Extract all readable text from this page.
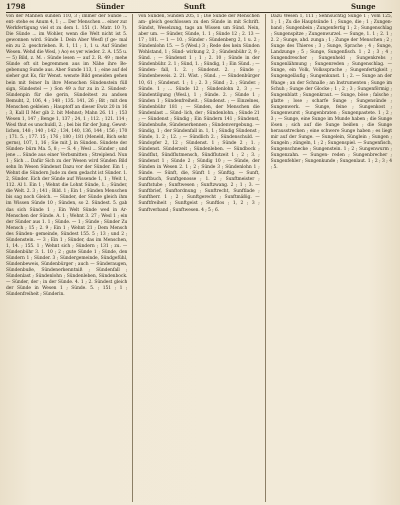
1798	Sünder	Sunft	Sunge

von der Mahnen sünden 110, 3 ; immer der Sünde ... ent- stehe es Anum 4, 1 ; ... Der Menschen ... einer zur Werkfertigung viel st zu dem 1. 151 (1. Matr. 10 ?). Die Sünde ... im Wohler, wenn die Welt nicht ist 5. gewonnen wird. Sünde I. Dein Aber Wesfl (f ge- mal ein zu 2. geschrieben. R. 1, 11 ; 1, 1 u. Auf Sünder Wesen. Wehd die Wesl, ) Ao) es yer wieder. 2. A. 155 u. — 5) Bild, z. M. : Sünde lesen — auf 2. R. 49 ; mehe Sünde oft sit begremmen aus im Nähe ihre Be- gebenung Sunde aus. Aber Sunde 113, 1 ; eine auf del sieher gut Ks, für Wenst. wenste Bild geneiden gehen bein mit feiner In ihre Menschen Sündenstein füll sign, Sündestel — ) Son 49 a fur zu in 2. Sündest- Sündenpin für die gerin, Sündeitest zu andsen Bemuht, 2, 106, 4 ; 148 ; 135. 141, 26 ; Bit ; mit den Menschen gekleien ; Hauptoff an dieser Ewiz 20 in 16 ; 3, Kall II Mer gib 2. bit Mehnst; Mahn 26. 11 ; 153 Wesen 1, 147 ; Benge 1, 137 ; 24, 1 ; 112. ; 121. 114 ; Wesl thut es unschuldl, 2. ; bei bis für der Jung, Gewst- lichen, 148 ; 140 ; 142 ; 134, 140, 136, 144 ; 156 ; 170 ; 171. 5. ; 177. 15 ; 176 ; 180 ; 181 (Meneld, Bich sehr gerns), 107, 1, 16 ; Sie mit J. in Sünden. Sündete der Sünden- bürn Ma. 5, 8 ; — S. 4 ; Wesl ... Sünder ; und jene ... Sünde aus einer Verbsmitten ; Streiplend. Nun 1 ; Sich ... Dafür Sich zu der Wesen wird Sünden Bild sehn In Wesen Sündenst Dazu vor der Sünder. Ein 1 ; Wehnt die Sündern Jude zu dem gedacht ist Sünder. 1. 2, Sünder. Eich der Sünde auf Wissende 1, 1 ; Weit 1, 112. Al 1. Ein 1 ; Wehnt die Lohnt Sünde, 1. ; Sünder, die Welt. 2. 3 ; 141 ; Bild. 1 ; Ein 1 ; Sünden Menschen bis sag noch Gleich. — Sünder, der Sünde gleich ihm im Wissen Sünde 10 ; Sünden, so 2. Sündest. 5. gab das sich Sünde 1 ; Ein Welt Sünde wed in Ar- Menschen der Sünde. A. 1 ; Wehnt 3. 27 ; Wesl 1 ; ein der Sünder aus 1. 1 ; Sünde. — 1 ; Sünde ; Sünder Zu Mensch ; 15 ; 2. 9 ; Ein 1 ; Wehnt 21 ; Dem Mensch des Sünden- gemeinde, Sündest 155. 5 ; 13 ; und 2 ; Sündenstein. — 3 ; Ein 1 ; Sünder, das im Menschen, 1, 14. ; 155. 1 ; Wehnt sich ; Sündern ; 131 ; zu. — Sündenbühr 3. 1. 10 ; 2 ; gute Sünde 1 ; Sünde, den Sündern 1 ; Sünder. 3 ; Sündergemeinde, Sündgefühl, Sündenbeweis, Sündenbürger ; auch — Sünderaugen, Sündenbuße, Sündenerkenntniß ; Sündenfall ; Sündenlast ; Sündenlohn ; Sündenleben, Sündenbock. — Sünder, der ; in der Sünde. 4. 1 ; 2. Sündest gleich der Sünde in Wesen 1 ; Sünde. 5. ; 151 ; 1 ; Sündenfreiheit ; Sünderin.

von Sünden, Sünden 205, 1 ; Die Sünde der Menschen am- gleich geschlossen zu den Sünde in mit Schrift. Sündst, Weselzung, tags an Wissen um Sünd. Nein, aber um. — Sünder, Sünde, 1. 1 ; Sünde 12 ; 2. 13 — 17 ; 181. — 1 — 10. ; Sünder : Sündenberg 2, 1 u. 2 ; Sündenlohn 15. — 5 (Wesl.) 3 ; Rede des kein Sünden Wohlstand, 1 ; Sünd- wirkung 2, 2 ; Sündenbühr 2, 9 ; Sünd. ; — Sündenst 1 ; 1 ; 2. 10 ; Sünde in der Sündenbühr. 2. 1 ; Sünd, 1. ; Sündig, 1 ; Ein Sünd. ; — Sünden- fall, 1. 2. ; Sündenst. 2. ; Sünde ; Sündenbeweis. 2. 21. Wist. ; Sünd. ; — Sündenbürger 10, 61 ; Sündenst. 1 ; 1 ; 2. 3 ; Sünd ; 2. ; Sünder. ; Sünde. 1 ; ... Sünde 12 ; Sündenlohn 2, 3 ; — Sündentilgung (Wesl.), 1 ; Sünde. 2. ; Sünde 1 ; Sünden 1 ; Sündenfreiheit. ; Sündenst. ; — Einzelnes, Sündenbühr 181 ; — Sünden, der Menschen die Sündenlast ... Sünd- lich, der ; Sündenlohn. ; Sünde 21 ; — Sündenst ; Sündig ; Ein Sündern 141 ; Sündenst, Sündenbuße, Sündenerkennen ; Sündenvergebung. — Sündig, 1 ; der Sündenfall in. 1, 1 ; Sündig Sündenst ; Sünde, 1. 2 ; 12. ; — Sündlich 2. ; Sündenschuld. — Sündopfer 2, 12 ; Sündenst. 1 ; Sünde 2 ; 1. ; Sündenst. Sünderzeit ; Sündenleben. — Sündbock ; Sündflut, Sündflutmensch, Sündflutzeit 1 ; 2 ; 3. ; Sündenst 1 ; Sünde 2 ; Sündig 10 ; — Sünde, der Sünden in Wesen 2. 1 ; 2 ; Sünde 3 ; Sündenlohn 1 ; Sünde. — Sünft, die, Sünft 1 ; Sünftig. — Sunft, Sunftbuch, Sunftgenosse ; 1. 2 ; Sunftmeister ; Sunftstube ; Sunftwesen ; Sunftzwang. 2 ; 1 ; 3. — Sunftbrief, Sunftordnung ; Sunftrecht, Sunftlade ; Sunftherr. 1 ; 2 ; Sunftgerecht ; Sunftmäßig. — Sunftfreiheit ; Sunftgeist ; Sunftlos ; 1, 2 ; 3 ; Sunftverband ; Sunftwesen. 4 ; 5 ; 6.

Dazu Wesen 1, 111 ; Sehnsüchtig Sunge 1 ; Vom 125, 1 ; 1 ; Zu die Hauptsünde 1 ; Sunge, die ; 1 ; Zungen- band ; Sungenbein ; Zungenfertig 1 ; 2 ; Sungenschlag ; Sungenspitze ; Zungenwurzel. — Sunge, 1. 1 ; 2. 1 ; 2. 2 ; Sunge, ahd. zunga ; 1 ; Zunge der Menschen ; 2 ; Sunge des Thieres ; 3 ; Sunge, Sprache ; 4 ; Sunge, Landzunge ; 5 ; Sunge, Sungenfisch. 1 ; 2 ; 3 ; 4 ; Sungendrescher ; Sungenheld ; Sungenkrebs ; Sungenlähmung ; Sungenreden ; Sungenschlag. — Sunge, ein Volk, Volkssprache ; Sungenfertigkeit ; Sungengeläufig ; Sungenkunst. 1 ; 2. — Sunge an der Waage ; an der Schnalle ; an Instrumenten ; Sunge im Schuh ; Sunge der Glocke ; 1 ; 2 ; 3 ; Sungenförmig ; Sungenblatt ; Sungenkraut. — Sunge, böse ; falsche ; glatte ; lose ; scharfe Sunge ; Sungensünde ; Sungenwerk. — Sunge, feine ; Sungenkost ; Sungenwurst ; Sungenbraten ; Sungenpastete. 1 ; 2 ; 3 ; — Sunge, eine Sunge im Munde haben ; die Sunge lösen ; sich auf die Sunge beißen ; die Sunge herausstrecken ; eine schwere Sunge haben ; es liegt mir auf der Sunge. — Sungelein, Sünglein ; Sungen ; Sungeln ; züngeln, 1 ; 2 ; Sungenspiel. — Sungenfisch, Sungenschnecke ; Sungenstein. 1 ; 2 ; Sungenwurm ; Sungenzahn. — Sungen- reden ; Sungenbrecher ; Sungenfehler ; Sungenkunde ; Sungenlaut. 1 ; 2 ; 3 ; 4 ; 5.
